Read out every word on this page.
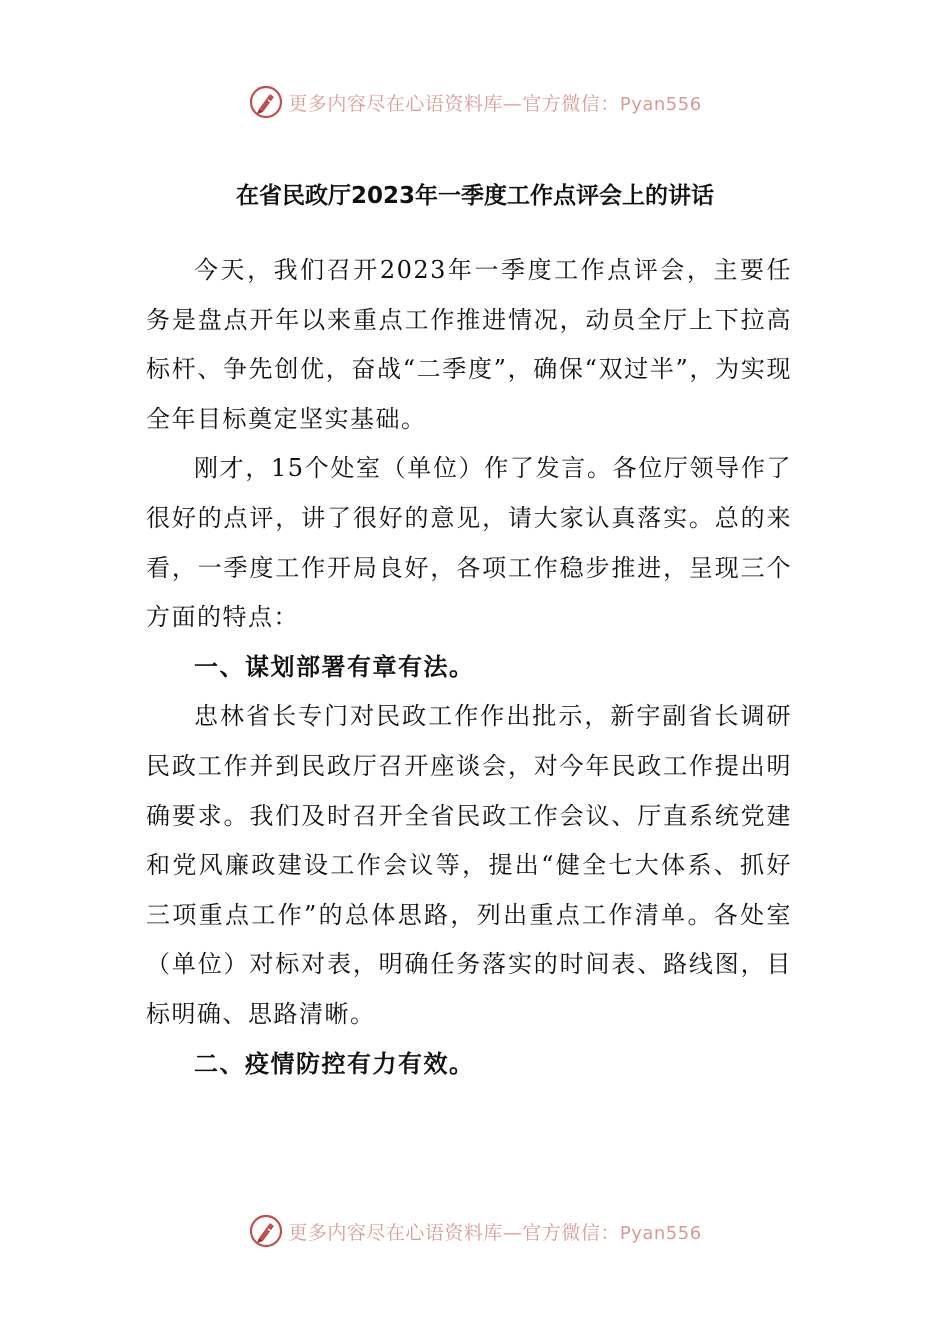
更多内容尽在心语资料库—官方微信：Pyan556
在省民政厅2023年一季度工作点评会上的讲话

今天，我们召开2023年一季度工作点评会，主要任务是盘点开年以来重点工作推进情况，动员全厅上下拉高标杆、争先创优，奋战“二季度”，确保“双过半”，为实现全年目标奠定坚实基础。

刚才，15个处室（单位）作了发言。各位厅领导作了很好的点评，讲了很好的意见，请大家认真落实。总的来看，一季度工作开局良好，各项工作稳步推进，呈现三个方面的特点：

一、谋划部署有章有法。

忠林省长专门对民政工作作出批示，新宇副省长调研民政工作并到民政厅召开座谈会，对今年民政工作提出明确要求。我们及时召开全省民政工作会议、厅直系统党建和党风廉政建设工作会议等，提出“健全七大体系、抓好三项重点工作”的总体思路，列出重点工作清单。各处室（单位）对标对表，明确任务落实的时间表、路线图，目标明确、思路清晰。

二、疫情防控有力有效。

更多内容尽在心语资料库—官方微信：Pyan556
